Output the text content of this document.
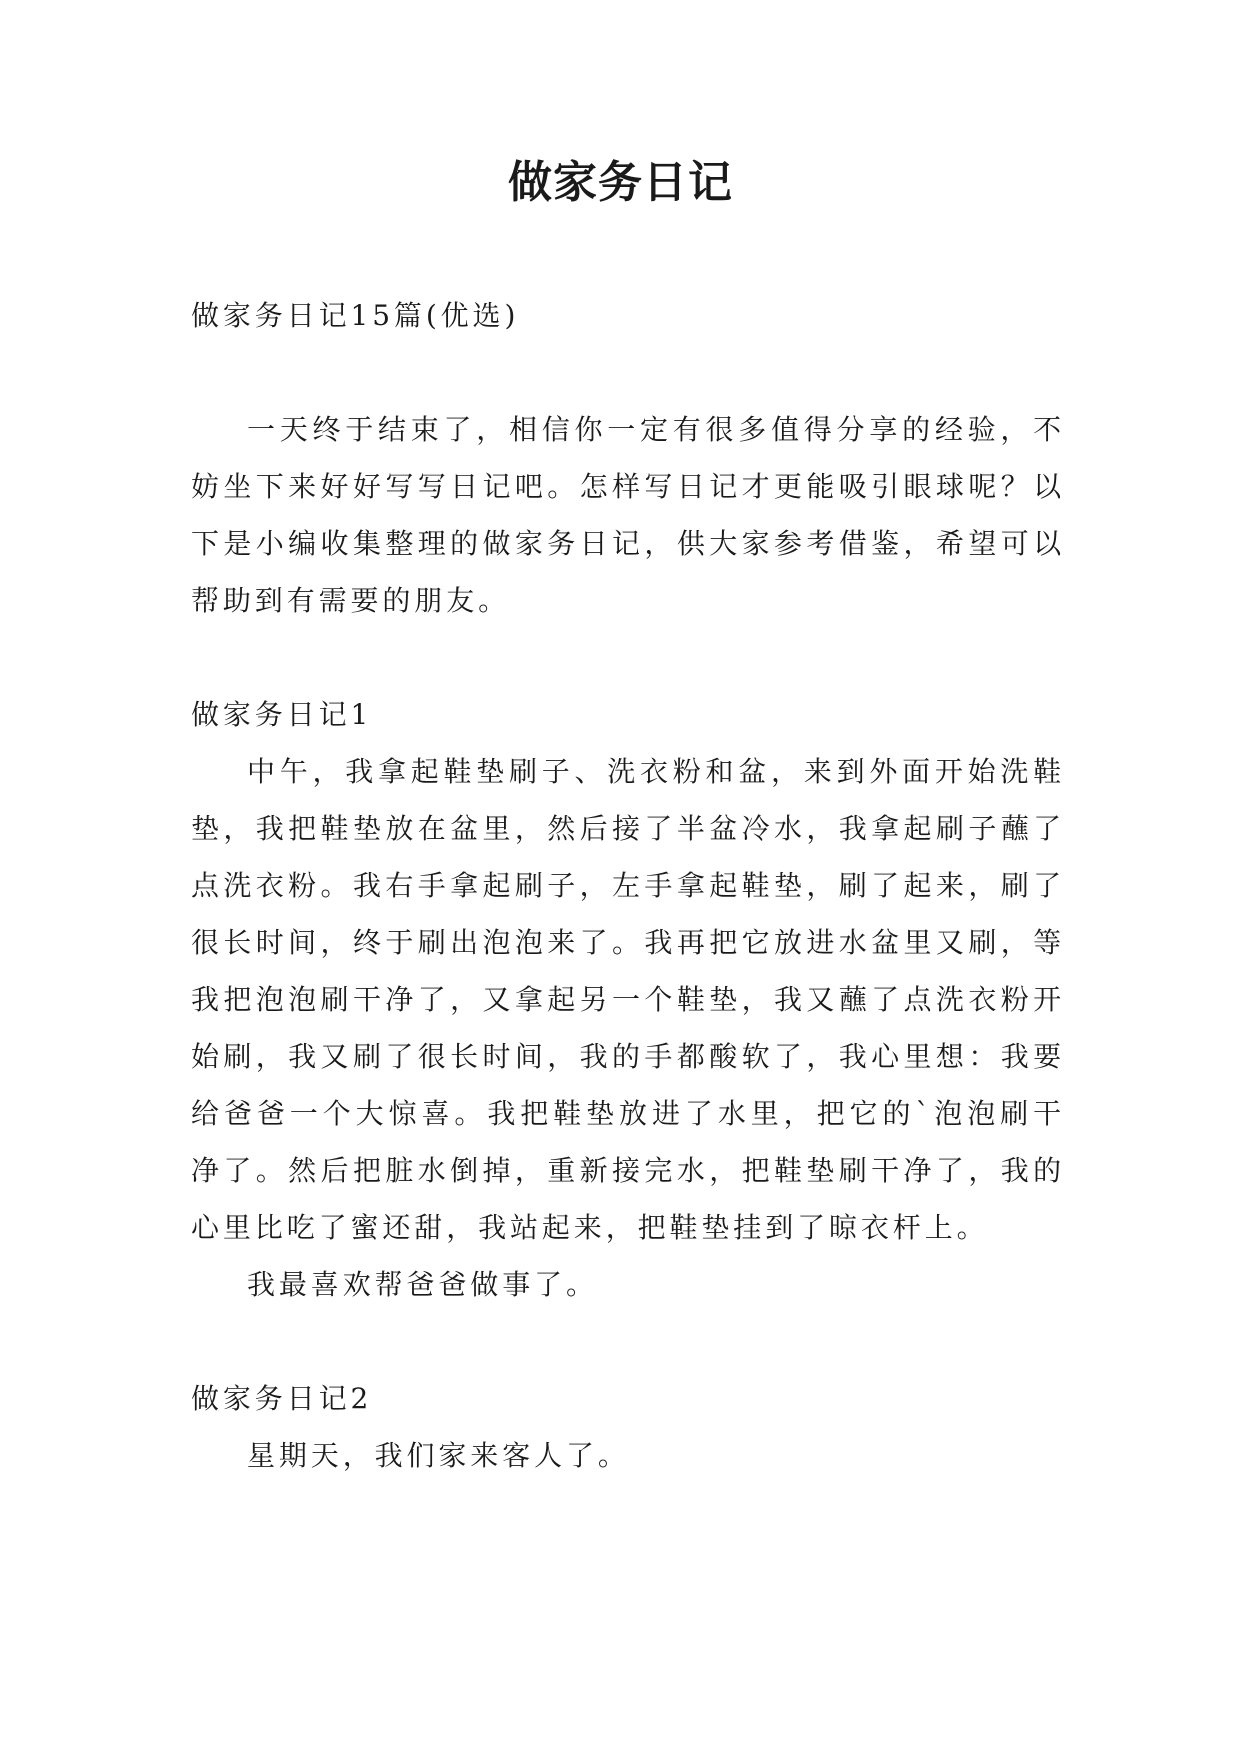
做家务日记

做家务日记15篇(优选)

一天终于结束了，相信你一定有很多值得分享的经验，不妨坐下来好好写写日记吧。怎样写日记才更能吸引眼球呢？以下是小编收集整理的做家务日记，供大家参考借鉴，希望可以帮助到有需要的朋友。

做家务日记1

中午，我拿起鞋垫刷子、洗衣粉和盆，来到外面开始洗鞋垫，我把鞋垫放在盆里，然后接了半盆冷水，我拿起刷子蘸了点洗衣粉。我右手拿起刷子，左手拿起鞋垫，刷了起来，刷了很长时间，终于刷出泡泡来了。我再把它放进水盆里又刷，等我把泡泡刷干净了，又拿起另一个鞋垫，我又蘸了点洗衣粉开始刷，我又刷了很长时间，我的手都酸软了，我心里想：我要给爸爸一个大惊喜。我把鞋垫放进了水里，把它的`泡泡刷干净了。然后把脏水倒掉，重新接完水，把鞋垫刷干净了，我的心里比吃了蜜还甜，我站起来，把鞋垫挂到了晾衣杆上。

我最喜欢帮爸爸做事了。

做家务日记2

星期天，我们家来客人了。
